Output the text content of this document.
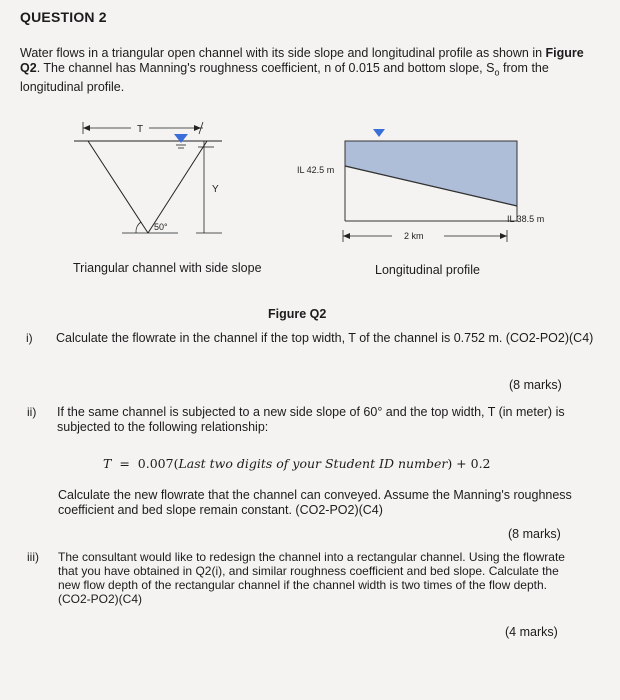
QUESTION 2
Water flows in a triangular open channel with its side slope and longitudinal profile as shown in Figure Q2. The channel has Manning's roughness coefficient, n of 0.015 and bottom slope, $S_o$ from the longitudinal profile.
T
Y
50°
IL 42.5 m
IL 38.5 m
2 km
Triangular channel with side slope	Longitudinal profile
Figure Q2
i) Calculate the flowrate in the channel if the top width, T of the channel is 0.752 m. (CO2-PO2)(C4)
(8 marks)
ii) If the same channel is subjected to a new side slope of 60° and the top width, T (in meter) is subjected to the following relationship:
T = 0.007(Last two digits of your Student ID number) + 0.2
Calculate the new flowrate that the channel can conveyed. Assume the Manning's roughness coefficient and bed slope remain constant. (CO2-PO2)(C4)
(8 marks)
iii) The consultant would like to redesign the channel into a rectangular channel. Using the flowrate that you have obtained in Q2(i), and similar roughness coefficient and bed slope. Calculate the new flow depth of the rectangular channel if the channel width is two times of the flow depth. (CO2-PO2)(C4)
(4 marks)
